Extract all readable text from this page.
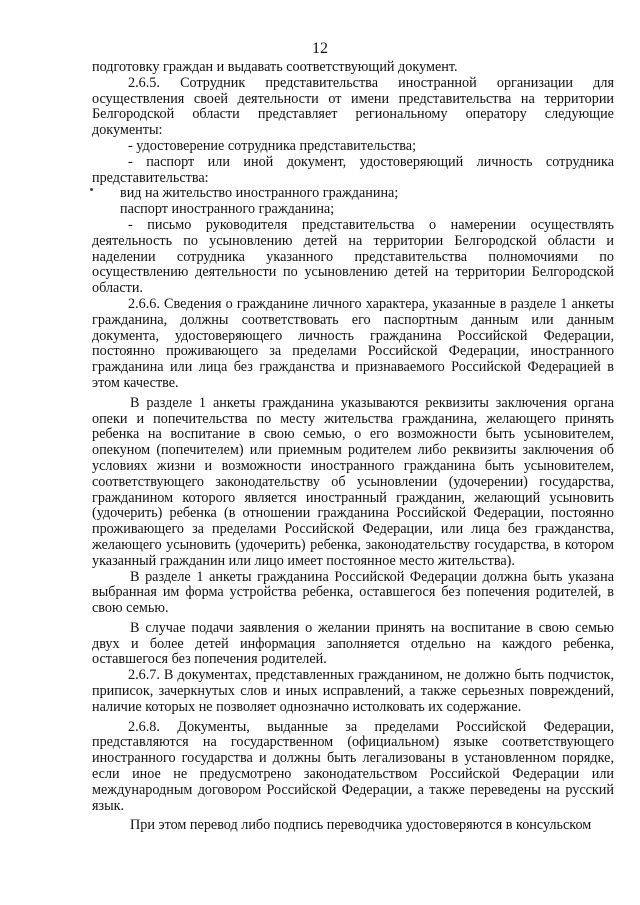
12

подготовку граждан и выдавать соответствующий документ.

2.6.5. Сотрудник представительства иностранной организации для осуществления своей деятельности от имени представительства на территории Белгородской области представляет региональному оператору следующие документы:

- удостоверение сотрудника представительства;

- паспорт или иной документ, удостоверяющий личность сотрудника представительства:

вид на жительство иностранного гражданина;

паспорт иностранного гражданина;

- письмо руководителя представительства о намерении осуществлять деятельность по усыновлению детей на территории Белгородской области и наделении сотрудника указанного представительства полномочиями по осуществлению деятельности по усыновлению детей на территории Белгородской области.

2.6.6. Сведения о гражданине личного характера, указанные в разделе 1 анкеты гражданина, должны соответствовать его паспортным данным или данным документа, удостоверяющего личность гражданина Российской Федерации, постоянно проживающего за пределами Российской Федерации, иностранного гражданина или лица без гражданства и признаваемого Российской Федерацией в этом качестве.

В разделе 1 анкеты гражданина указываются реквизиты заключения органа опеки и попечительства по месту жительства гражданина, желающего принять ребенка на воспитание в свою семью, о его возможности быть усыновителем, опекуном (попечителем) или приемным родителем либо реквизиты заключения об условиях жизни и возможности иностранного гражданина быть усыновителем, соответствующего законодательству об усыновлении (удочерении) государства, гражданином которого является иностранный гражданин, желающий усыновить (удочерить) ребенка (в отношении гражданина Российской Федерации, постоянно проживающего за пределами Российской Федерации, или лица без гражданства, желающего усыновить (удочерить) ребенка, законодательству государства, в котором указанный гражданин или лицо имеет постоянное место жительства).

В разделе 1 анкеты гражданина Российской Федерации должна быть указана выбранная им форма устройства ребенка, оставшегося без попечения родителей, в свою семью.

В случае подачи заявления о желании принять на воспитание в свою семью двух и более детей информация заполняется отдельно на каждого ребенка, оставшегося без попечения родителей.

2.6.7. В документах, представленных гражданином, не должно быть подчисток, приписок, зачеркнутых слов и иных исправлений, а также серьезных повреждений, наличие которых не позволяет однозначно истолковать их содержание.

2.6.8. Документы, выданные за пределами Российской Федерации, представляются на государственном (официальном) языке соответствующего иностранного государства и должны быть легализованы в установленном порядке, если иное не предусмотрено законодательством Российской Федерации или международным договором Российской Федерации, а также переведены на русский язык.

При этом перевод либо подпись переводчика удостоверяются в консульском
